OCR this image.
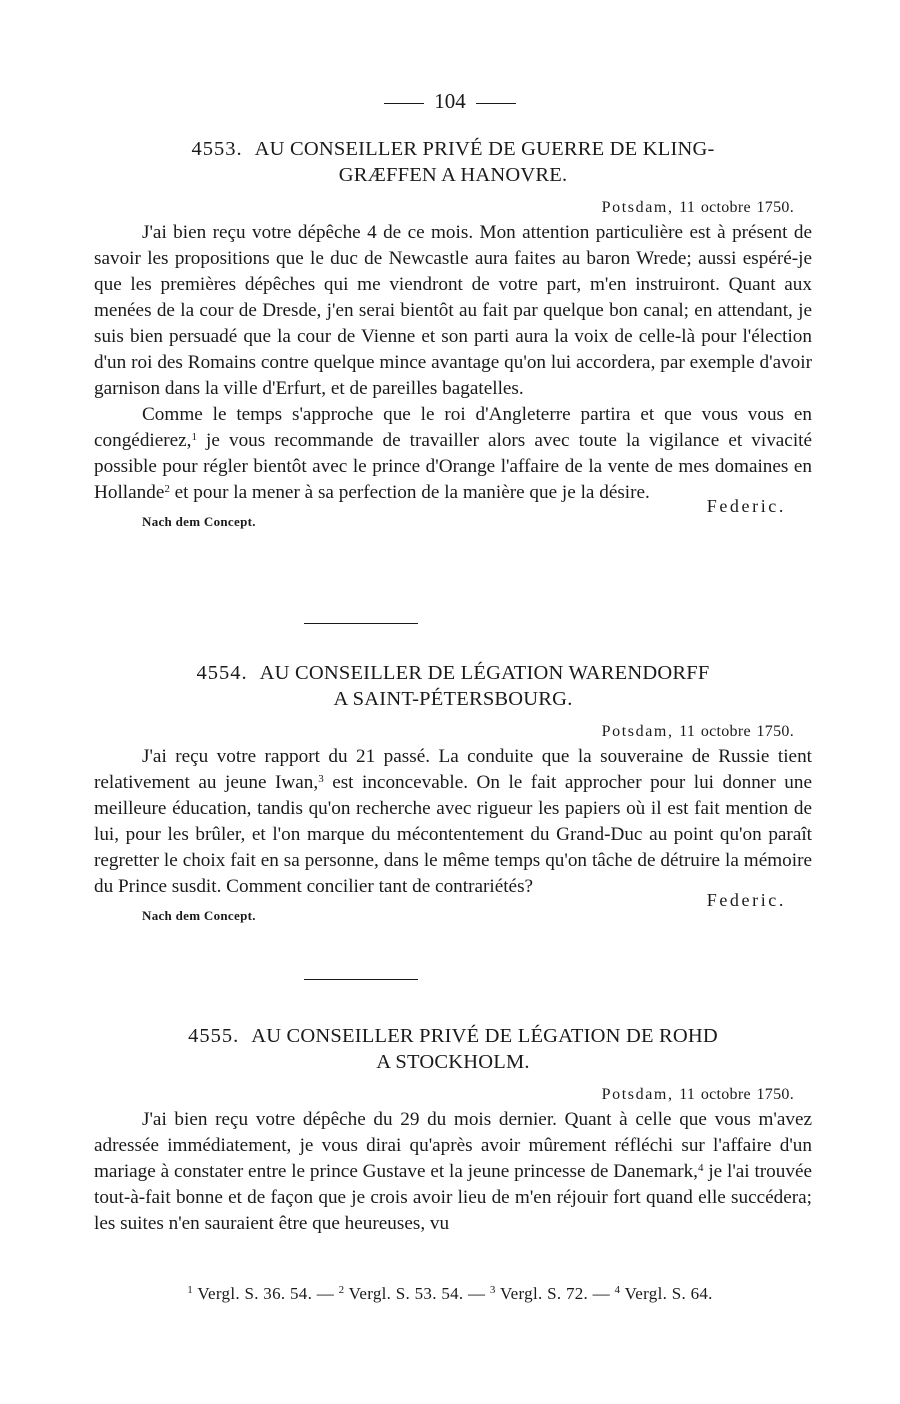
104
4553. AU CONSEILLER PRIVÉ DE GUERRE DE KLING-
GRÆFFEN A HANOVRE.
Potsdam, 11 octobre 1750.

J'ai bien reçu votre dépêche 4 de ce mois. Mon attention particulière est à présent de savoir les propositions que le duc de Newcastle aura faites au baron Wrede; aussi espéré-je que les premières dépêches qui me viendront de votre part, m'en instruiront. Quant aux menées de la cour de Dresde, j'en serai bientôt au fait par quelque bon canal; en attendant, je suis bien persuadé que la cour de Vienne et son parti aura la voix de celle-là pour l'élection d'un roi des Romains contre quelque mince avantage qu'on lui accordera, par exemple d'avoir garnison dans la ville d'Erfurt, et de pareilles bagatelles.

Comme le temps s'approche que le roi d'Angleterre partira et que vous vous en congédierez,$^1$ je vous recommande de travailler alors avec toute la vigilance et vivacité possible pour régler bientôt avec le prince d'Orange l'affaire de la vente de mes domaines en Hollande$^2$ et pour la mener à sa perfection de la manière que je la désire.

Federic.
Nach dem Concept.
4554. AU CONSEILLER DE LÉGATION WARENDORFF
A SAINT-PÉTERSBOURG.
Potsdam, 11 octobre 1750.

J'ai reçu votre rapport du 21 passé. La conduite que la souveraine de Russie tient relativement au jeune Iwan,$^3$ est inconcevable. On le fait approcher pour lui donner une meilleure éducation, tandis qu'on recherche avec rigueur les papiers où il est fait mention de lui, pour les brûler, et l'on marque du mécontentement du Grand-Duc au point qu'on paraît regretter le choix fait en sa personne, dans le même temps qu'on tâche de détruire la mémoire du Prince susdit. Comment concilier tant de contrariétés?

Federic.
Nach dem Concept.
4555. AU CONSEILLER PRIVÉ DE LÉGATION DE ROHD
A STOCKHOLM.
Potsdam, 11 octobre 1750.

J'ai bien reçu votre dépêche du 29 du mois dernier. Quant à celle que vous m'avez adressée immédiatement, je vous dirai qu'après avoir mûrement réfléchi sur l'affaire d'un mariage à constater entre le prince Gustave et la jeune princesse de Danemark,$^4$ je l'ai trouvée tout-à-fait bonne et de façon que je crois avoir lieu de m'en réjouir fort quand elle succédera; les suites n'en sauraient être que heureuses, vu

$^1$ Vergl. S. 36. 54. — $^2$ Vergl. S. 53. 54. — $^3$ Vergl. S. 72. — $^4$ Vergl. S. 64.
